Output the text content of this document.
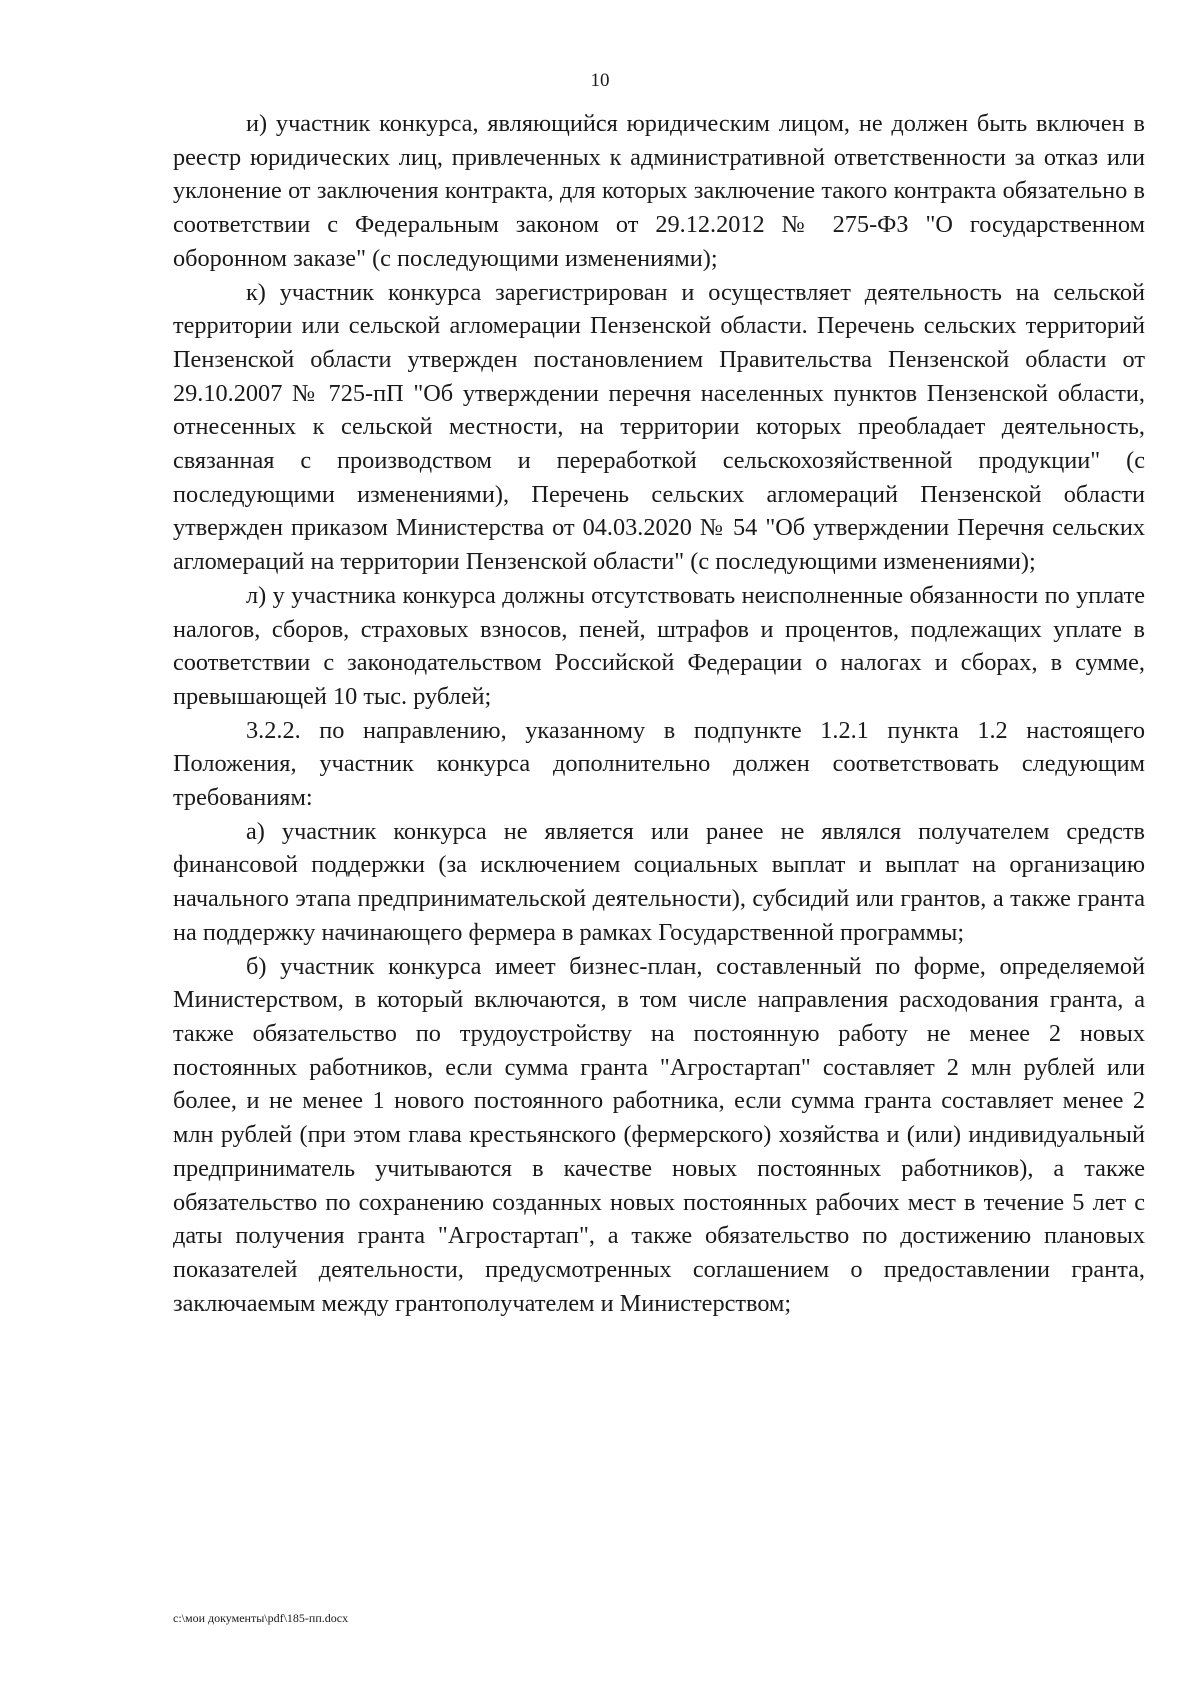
10

и) участник конкурса, являющийся юридическим лицом, не должен быть включен в реестр юридических лиц, привлеченных к административной ответственности за отказ или уклонение от заключения контракта, для которых заключение такого контракта обязательно в соответствии с Федеральным законом от 29.12.2012 № 275-ФЗ "О государственном оборонном заказе" (с последующими изменениями);

к) участник конкурса зарегистрирован и осуществляет деятельность на сельской территории или сельской агломерации Пензенской области. Перечень сельских территорий Пензенской области утвержден постановлением Правительства Пензенской области от 29.10.2007 № 725-пП "Об утверждении перечня населенных пунктов Пензенской области, отнесенных к сельской местности, на территории которых преобладает деятельность, связанная с производством и переработкой сельскохозяйственной продукции" (с последующими изменениями), Перечень сельских агломераций Пензенской области утвержден приказом Министерства от 04.03.2020 № 54 "Об утверждении Перечня сельских агломераций на территории Пензенской области" (с последующими изменениями);

л) у участника конкурса должны отсутствовать неисполненные обязанности по уплате налогов, сборов, страховых взносов, пеней, штрафов и процентов, подлежащих уплате в соответствии с законодательством Российской Федерации о налогах и сборах, в сумме, превышающей 10 тыс. рублей;

3.2.2. по направлению, указанному в подпункте 1.2.1 пункта 1.2 настоящего Положения, участник конкурса дополнительно должен соответствовать следующим требованиям:

а) участник конкурса не является или ранее не являлся получателем средств финансовой поддержки (за исключением социальных выплат и выплат на организацию начального этапа предпринимательской деятельности), субсидий или грантов, а также гранта на поддержку начинающего фермера в рамках Государственной программы;

б) участник конкурса имеет бизнес-план, составленный по форме, определяемой Министерством, в который включаются, в том числе направления расходования гранта, а также обязательство по трудоустройству на постоянную работу не менее 2 новых постоянных работников, если сумма гранта "Агростартап" составляет 2 млн рублей или более, и не менее 1 нового постоянного работника, если сумма гранта составляет менее 2 млн рублей (при этом глава крестьянского (фермерского) хозяйства и (или) индивидуальный предприниматель учитываются в качестве новых постоянных работников), а также обязательство по сохранению созданных новых постоянных рабочих мест в течение 5 лет с даты получения гранта "Агростартап", а также обязательство по достижению плановых показателей деятельности, предусмотренных соглашением о предоставлении гранта, заключаемым между грантополучателем и Министерством;

c:\мои документы\pdf\185-пп.docx
